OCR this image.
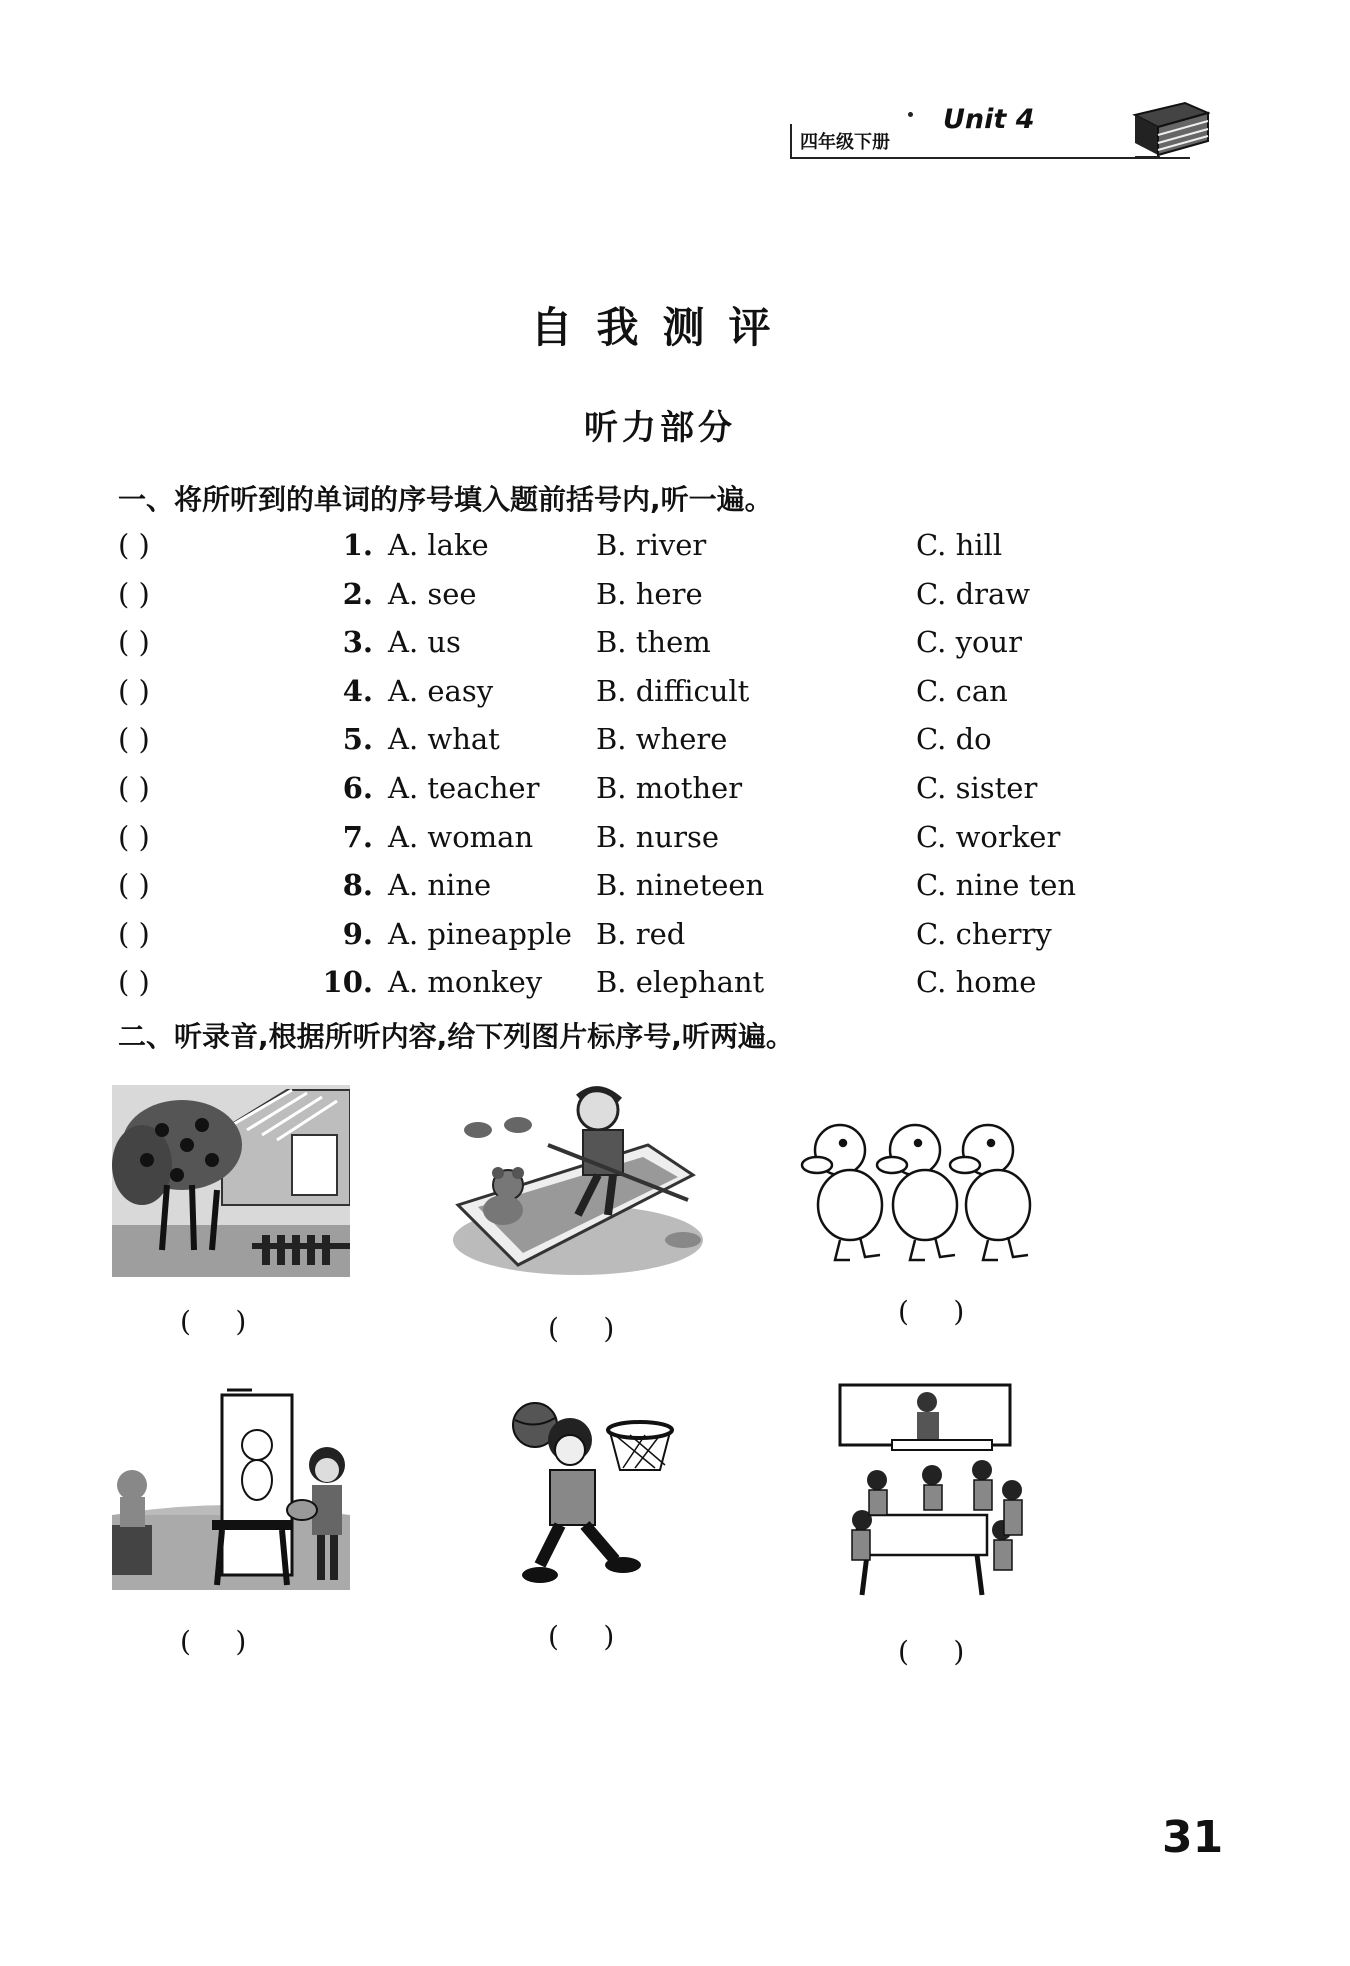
四年级下册
Unit 4
自我测评
听力部分
一、将所听到的单词的序号填入题前括号内,听一遍。
( )	1. A. lake	B. river	C. hill
( )	2. A. see	B. here	C. draw
( )	3. A. us	B. them	C. your
( )	4. A. easy	B. difficult	C. can
( )	5. A. what	B. where	C. do
( )	6. A. teacher B. mother	C. sister
( )	7. A. woman B. nurse	C. worker
( )	8. A. nine	B. nineteen	C. nine ten
( )	9. A. pineapple B. red	C. cherry
( )	10. A. monkey B. elephant	C. home
二、听录音,根据所听内容,给下列图片标序号,听两遍。
(     )	(     )
(     )
(     )	(     )	(     )
31
